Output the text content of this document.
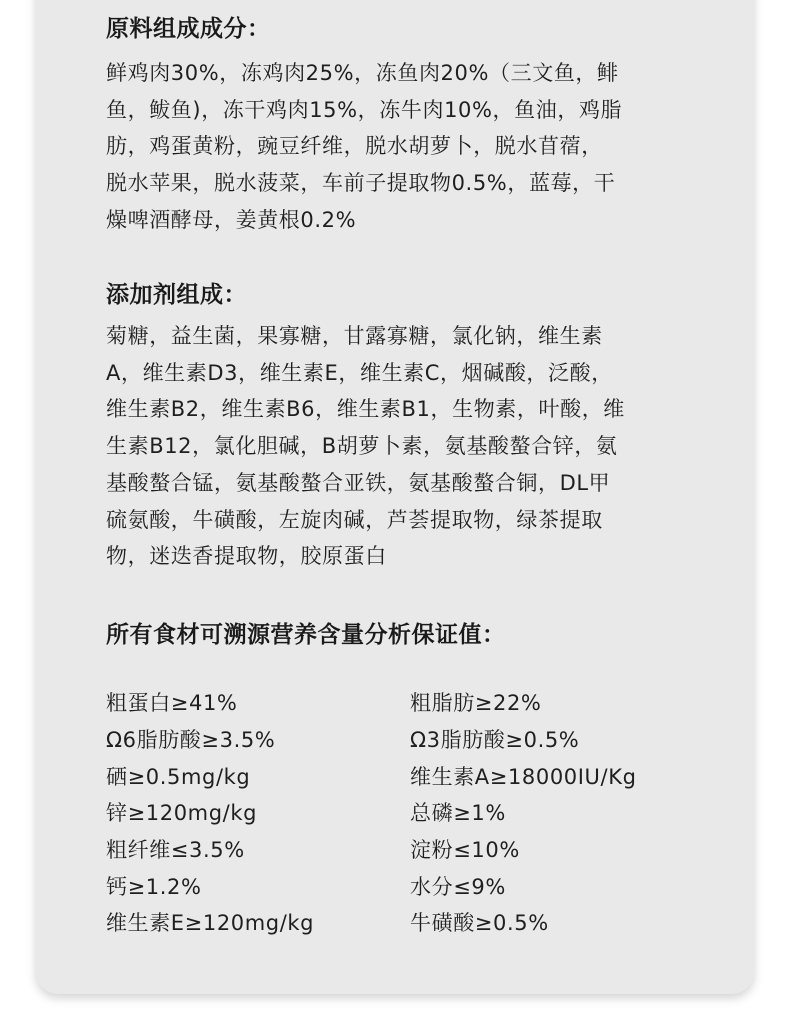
原料组成成分：
鲜鸡肉30%，冻鸡肉25%，冻鱼肉20%（三文鱼，鲱
鱼，鲅鱼)，冻干鸡肉15%，冻牛肉10%，鱼油，鸡脂
肪，鸡蛋黄粉，豌豆纤维，脱水胡萝卜，脱水苜蓿，
脱水苹果，脱水菠菜，车前子提取物0.5%，蓝莓，干
燥啤酒酵母，姜黄根0.2%
添加剂组成：
菊糖，益生菌，果寡糖，甘露寡糖，氯化钠，维生素
A，维生素D3，维生素E，维生素C，烟碱酸，泛酸，
维生素B2，维生素B6，维生素B1，生物素，叶酸，维
生素B12，氯化胆碱，B胡萝卜素，氨基酸螯合锌，氨
基酸螯合锰，氨基酸螯合亚铁，氨基酸螯合铜，DL甲
硫氨酸，牛磺酸，左旋肉碱，芦荟提取物，绿茶提取
物，迷迭香提取物，胶原蛋白
所有食材可溯源营养含量分析保证值：
粗蛋白≥41%	粗脂肪≥22%
Ω6脂肪酸≥3.5%	Ω3脂肪酸≥0.5%
硒≥0.5mg/kg	维生素A≥18000IU/Kg
锌≥120mg/kg	总磷≥1%
粗纤维≤3.5%	淀粉≤10%
钙≥1.2%	水分≤9%
维生素E≥120mg/kg	牛磺酸≥0.5%
